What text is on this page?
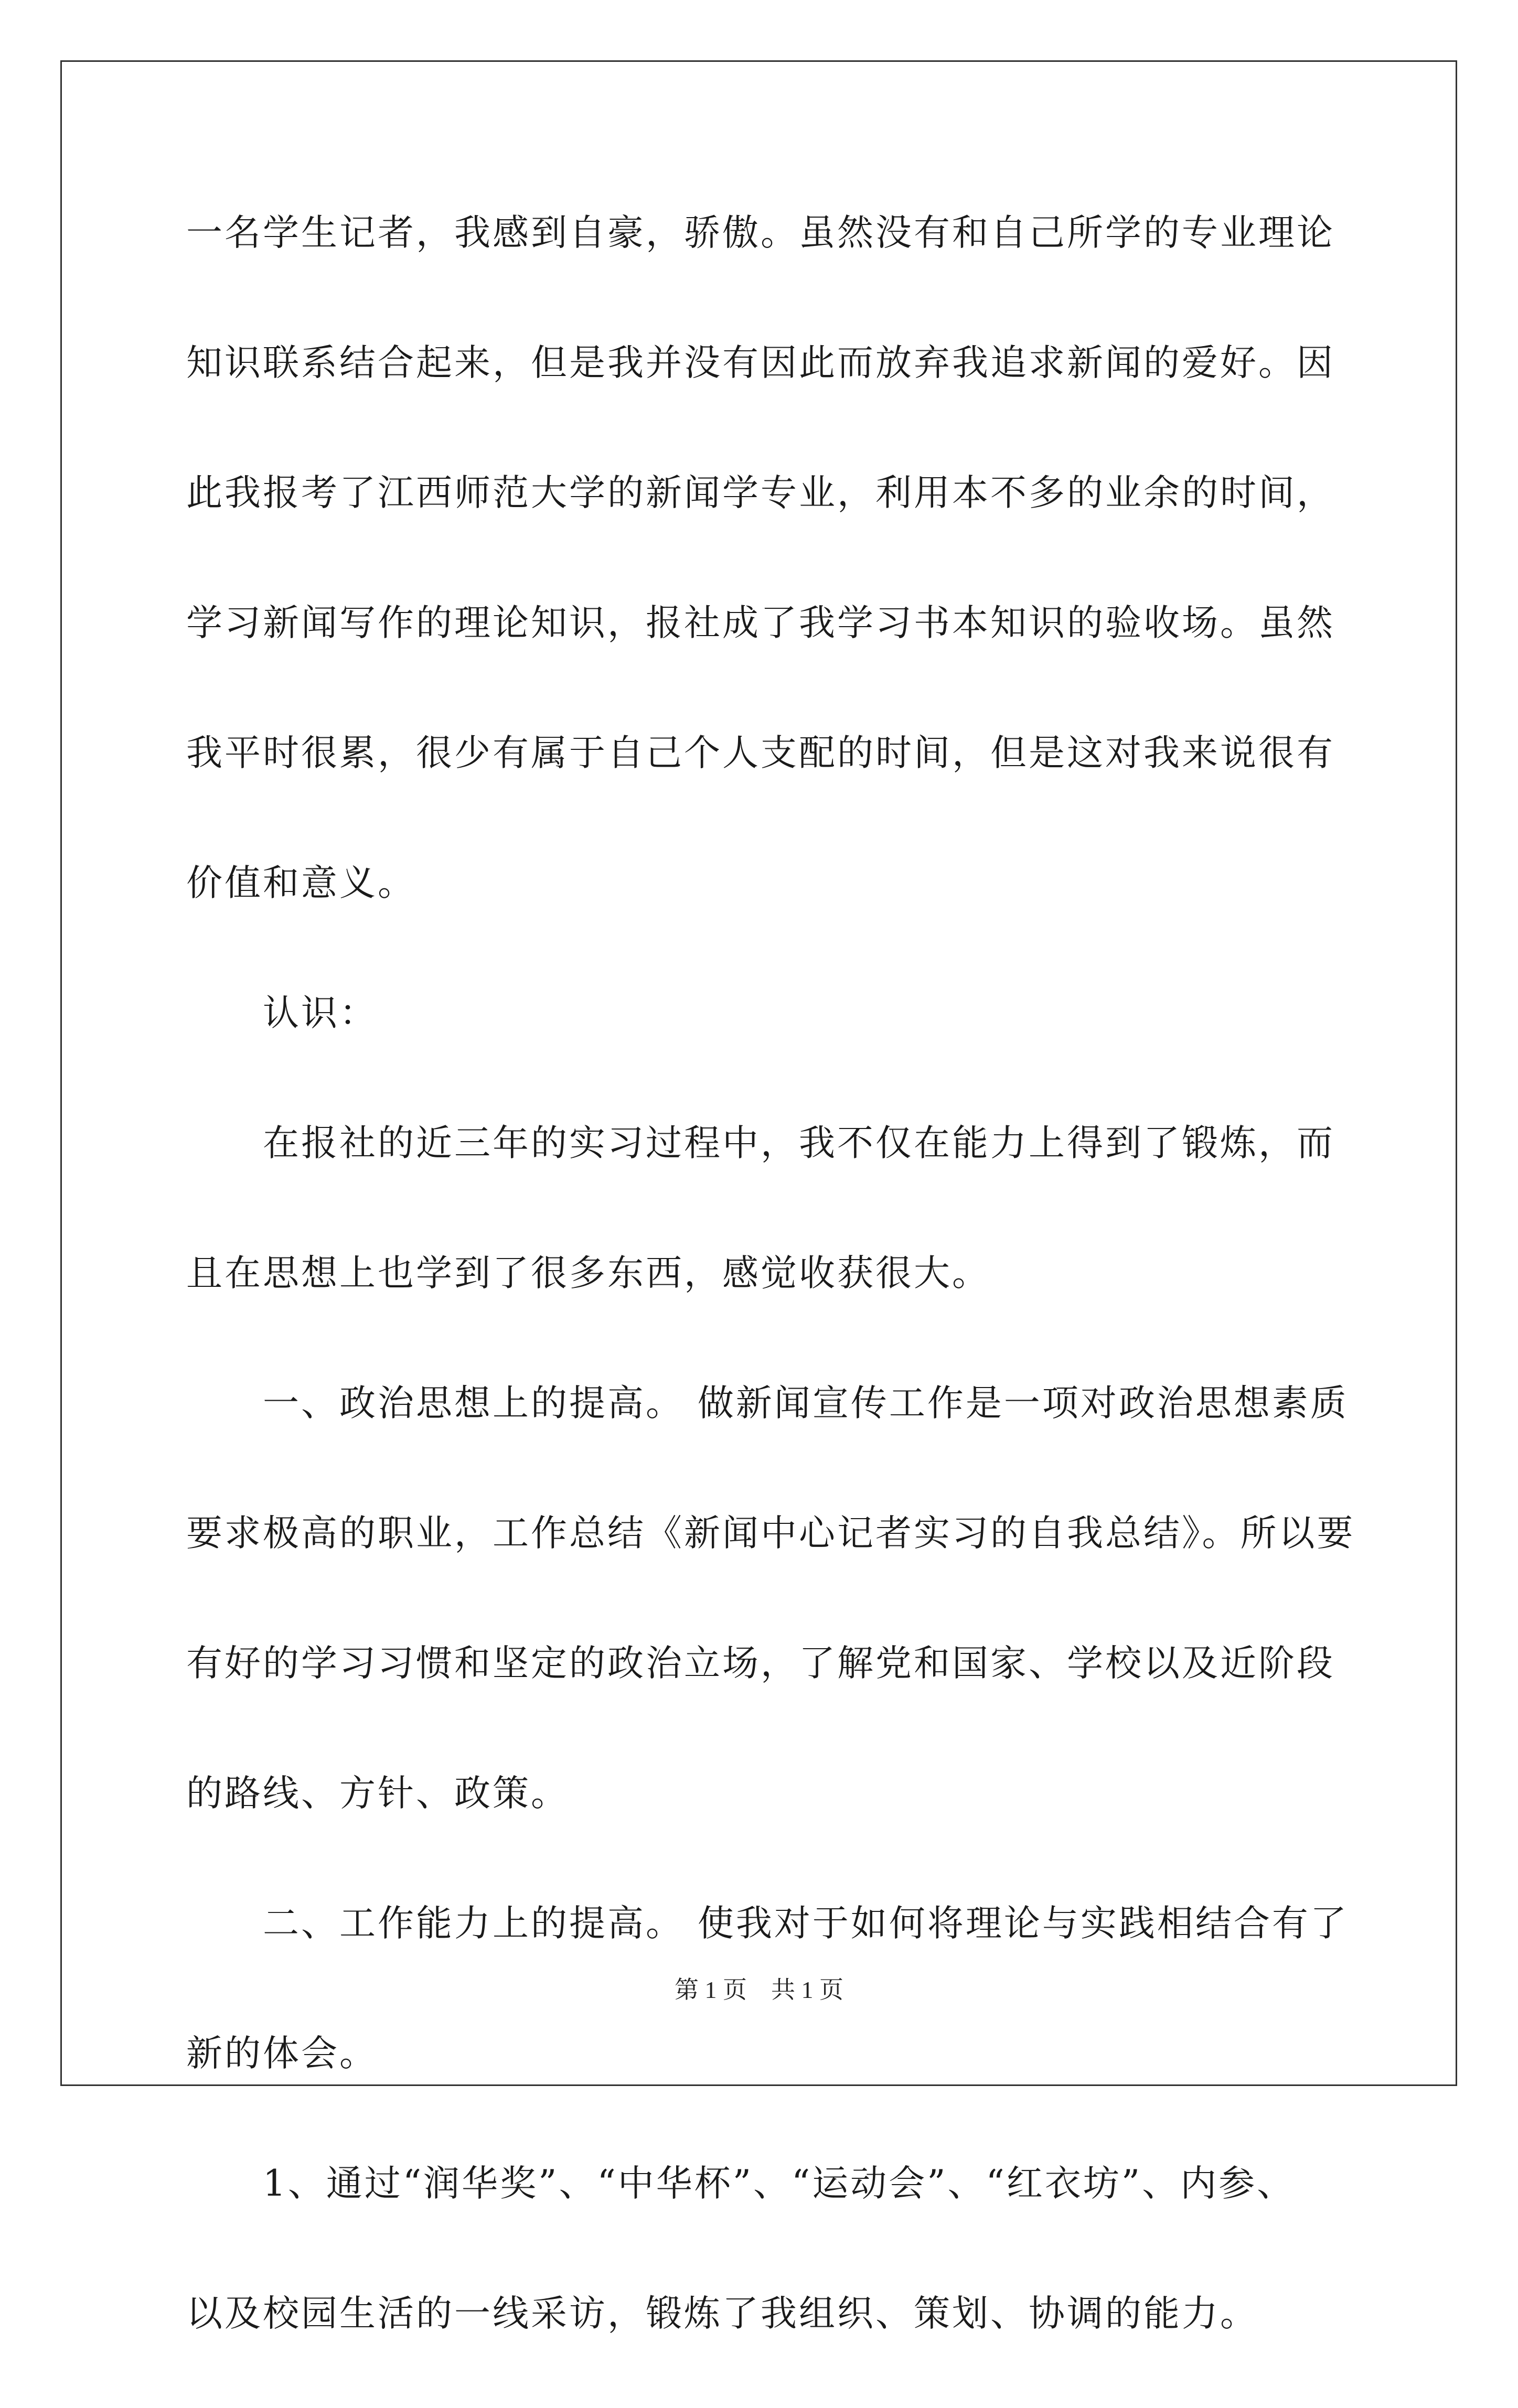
一名学生记者，我感到自豪，骄傲。虽然没有和自己所学的专业理论
知识联系结合起来，但是我并没有因此而放弃我追求新闻的爱好。因
此我报考了江西师范大学的新闻学专业，利用本不多的业余的时间，
学习新闻写作的理论知识，报社成了我学习书本知识的验收场。虽然
我平时很累，很少有属于自己个人支配的时间，但是这对我来说很有
价值和意义。
认识：
在报社的近三年的实习过程中，我不仅在能力上得到了锻炼，而
且在思想上也学到了很多东西，感觉收获很大。
一、政治思想上的提高。 做新闻宣传工作是一项对政治思想素质
要求极高的职业，工作总结《新闻中心记者实习的自我总结》。所以要
有好的学习习惯和坚定的政治立场，了解党和国家、学校以及近阶段
的路线、方针、政策。
二、工作能力上的提高。 使我对于如何将理论与实践相结合有了
新的体会。
1、通过“润华奖”、“中华杯”、“运动会”、“红衣坊”、内参、
以及校园生活的一线采访，锻炼了我组织、策划、协调的能力。
第 1 页　共 1 页
